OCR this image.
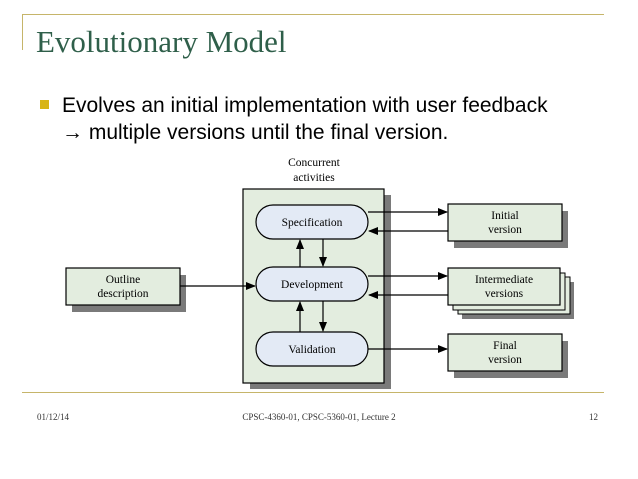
Evolutionary Model
Evolves an initial implementation with user feedback
→ multiple versions until the final version.
Concurrent
activities
Outline
description
Specification
Development
Validation
Initial
version
Intermediate
versions
Final
version
01/12/14	CPSC-4360-01, CPSC-5360-01, Lecture 2	12
